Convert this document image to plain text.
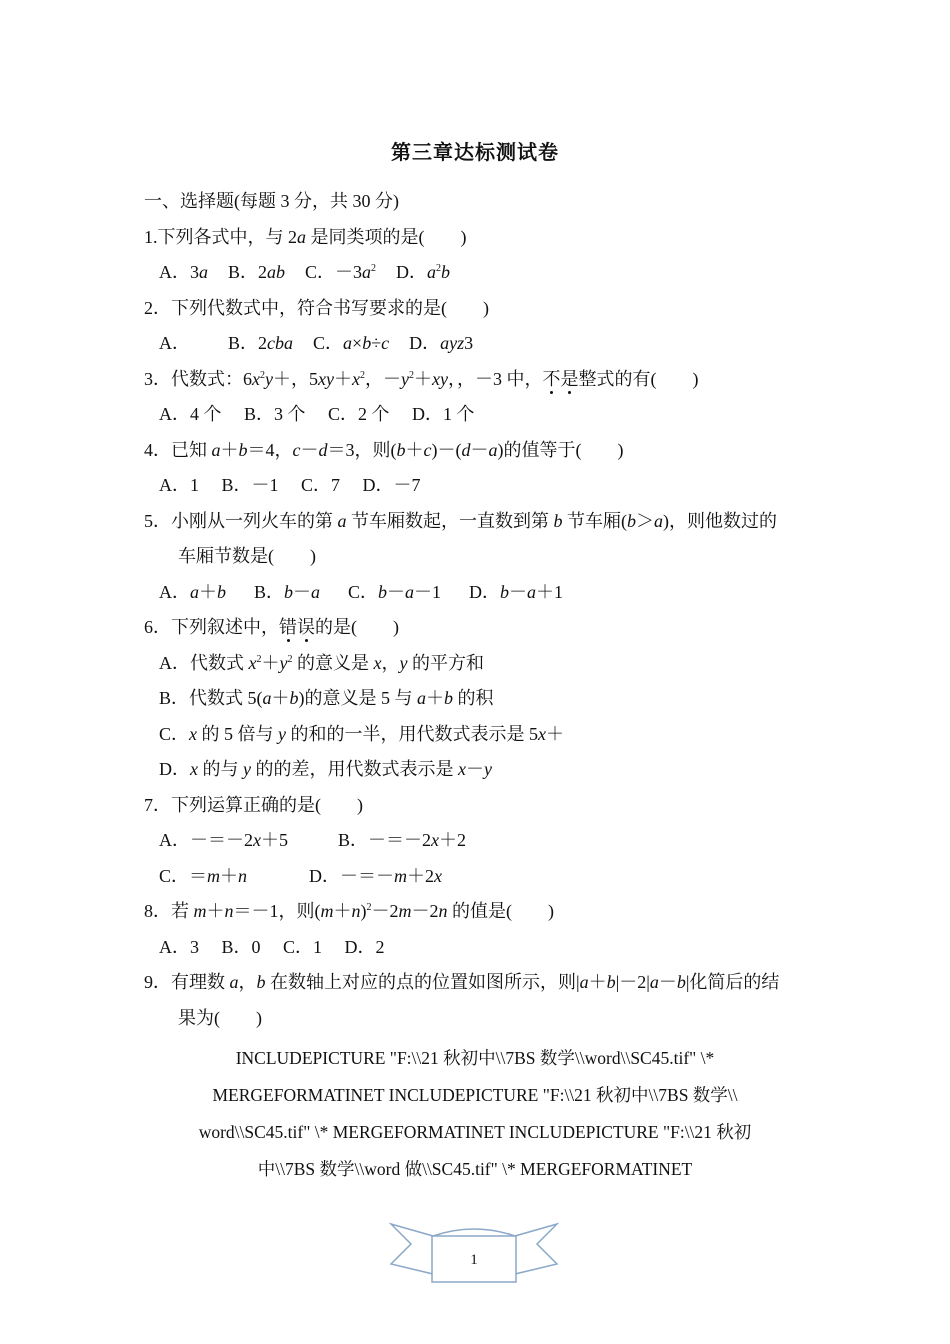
第三章达标测试卷
一、选择题(每题 3 分，共 30 分)
1.下列各式中，与 2a 是同类项的是(　　)
A．3a B．2ab C．$-3a^2$ D．$a^2b$
2．下列代数式中，符合书写要求的是(　　)
A． B．2cba C．a×b÷c D．ayz3
3．代数式：$6x^2y+$，$5xy+x^2$，$-y^2+xy$，，－3 中，不是整式的有(　　)
A．4 个　 B．3 个　 C．2 个　 D．1 个
4．已知 a＋b＝4，c－d＝3，则(b＋c)－(d－a)的值等于(　　)
A．1　 B．－1　 C．7　 D．－7
5．小刚从一列火车的第 a 节车厢数起，一直数到第 b 节车厢(b＞a)，则他数过的
车厢节数是(　　)
A．a＋b B．b－a C．b－a－1 D．b－a＋1
6．下列叙述中，错误的是(　　)
A．代数式 $x^2+y^2$ 的意义是 x，y 的平方和
B．代数式 5(a＋b)的意义是 5 与 a＋b 的积
C．x 的 5 倍与 y 的和的一半，用代数式表示是 5x＋
D．x 的与 y 的的差，用代数式表示是 x－y
7．下列运算正确的是(　　)
A．－＝－2x＋5	B．－＝－2x＋2
C．＝m＋n	D．－＝－m＋2x
8．若 m＋n＝－1，则$(m+n)^2-2m-2n$ 的值是(　　)
A．3　 B．0　 C．1　 D．2
9．有理数 a，b 在数轴上对应的点的位置如图所示，则|a＋b|－2|a－b|化简后的结
果为(　　)
INCLUDEPICTURE "F:\\21 秋初中\\7BS 数学\\word\\SC45.tif" \*
MERGEFORMATINET INCLUDEPICTURE "F:\\21 秋初中\\7BS 数学\\
word\\SC45.tif" \* MERGEFORMATINET INCLUDEPICTURE "F:\\21 秋初
中\\7BS 数学\\word 做\\SC45.tif" \* MERGEFORMATINET
1
